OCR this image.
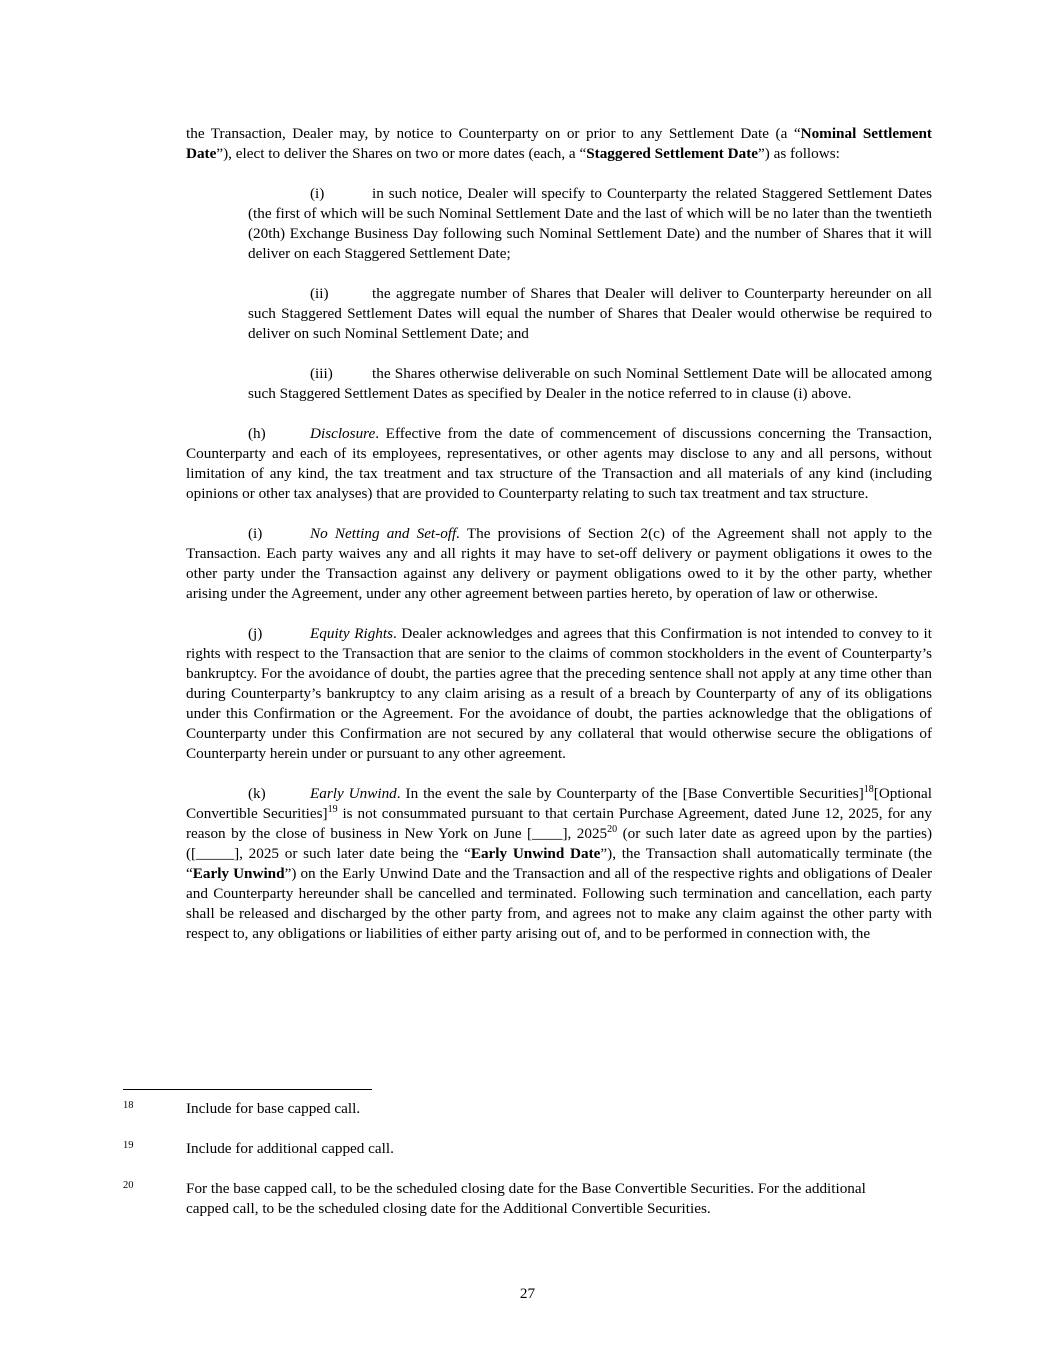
the Transaction, Dealer may, by notice to Counterparty on or prior to any Settlement Date (a “Nominal Settlement Date”), elect to deliver the Shares on two or more dates (each, a “Staggered Settlement Date”) as follows:

(i)	in such notice, Dealer will specify to Counterparty the related Staggered Settlement Dates (the first of which will be such Nominal Settlement Date and the last of which will be no later than the twentieth (20th) Exchange Business Day following such Nominal Settlement Date) and the number of Shares that it will deliver on each Staggered Settlement Date;

(ii)	the aggregate number of Shares that Dealer will deliver to Counterparty hereunder on all such Staggered Settlement Dates will equal the number of Shares that Dealer would otherwise be required to deliver on such Nominal Settlement Date; and

(iii)	the Shares otherwise deliverable on such Nominal Settlement Date will be allocated among such Staggered Settlement Dates as specified by Dealer in the notice referred to in clause (i) above.

(h)	Disclosure. Effective from the date of commencement of discussions concerning the Transaction, Counterparty and each of its employees, representatives, or other agents may disclose to any and all persons, without limitation of any kind, the tax treatment and tax structure of the Transaction and all materials of any kind (including opinions or other tax analyses) that are provided to Counterparty relating to such tax treatment and tax structure.

(i)	No Netting and Set-off. The provisions of Section 2(c) of the Agreement shall not apply to the Transaction. Each party waives any and all rights it may have to set-off delivery or payment obligations it owes to the other party under the Transaction against any delivery or payment obligations owed to it by the other party, whether arising under the Agreement, under any other agreement between parties hereto, by operation of law or otherwise.

(j)	Equity Rights. Dealer acknowledges and agrees that this Confirmation is not intended to convey to it rights with respect to the Transaction that are senior to the claims of common stockholders in the event of Counterparty’s bankruptcy. For the avoidance of doubt, the parties agree that the preceding sentence shall not apply at any time other than during Counterparty’s bankruptcy to any claim arising as a result of a breach by Counterparty of any of its obligations under this Confirmation or the Agreement. For the avoidance of doubt, the parties acknowledge that the obligations of Counterparty under this Confirmation are not secured by any collateral that would otherwise secure the obligations of Counterparty herein under or pursuant to any other agreement.

(k)	Early Unwind. In the event the sale by Counterparty of the [Base Convertible Securities]$^{18}$[Optional Convertible Securities]$^{19}$ is not consummated pursuant to that certain Purchase Agreement, dated June 12, 2025, for any reason by the close of business in New York on June [____], 2025$^{20}$ (or such later date as agreed upon by the parties) ([_____], 2025 or such later date being the “Early Unwind Date”), the Transaction shall automatically terminate (the “Early Unwind”) on the Early Unwind Date and the Transaction and all of the respective rights and obligations of Dealer and Counterparty hereunder shall be cancelled and terminated. Following such termination and cancellation, each party shall be released and discharged by the other party from, and agrees not to make any claim against the other party with respect to, any obligations or liabilities of either party arising out of, and to be performed in connection with, the

18	Include for base capped call.
19	Include for additional capped call.
20	For the base capped call, to be the scheduled closing date for the Base Convertible Securities. For the additional capped call, to be the scheduled closing date for the Additional Convertible Securities.
27
